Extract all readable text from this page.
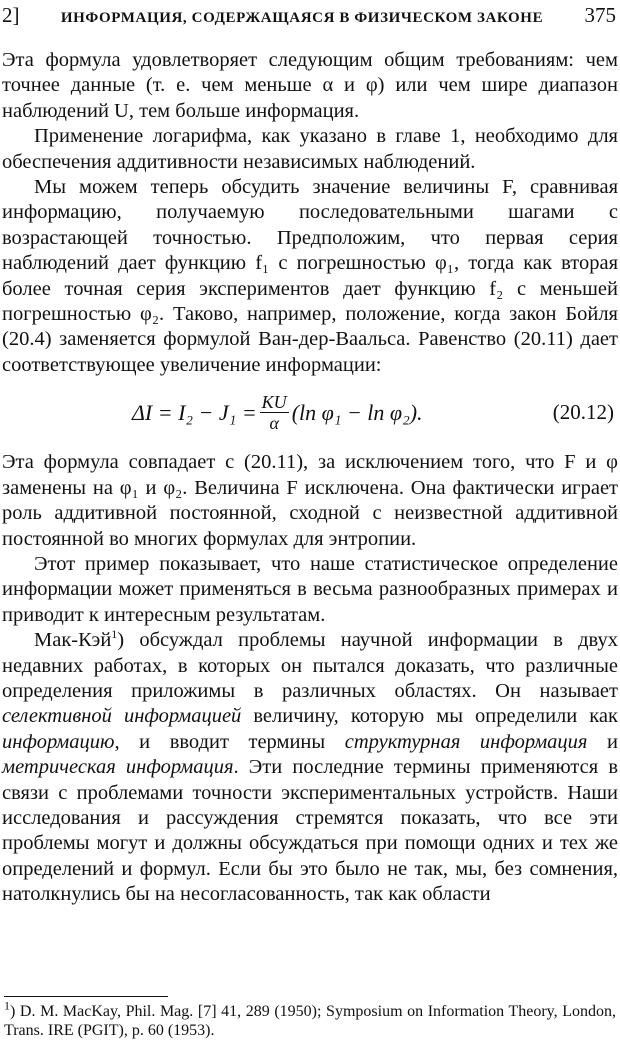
2]	ИНФОРМАЦИЯ, СОДЕРЖАЩАЯСЯ В ФИЗИЧЕСКОМ ЗАКОНЕ 375

Эта формула удовлетворяет следующим общим требованиям: чем точнее данные (т. е. чем меньше α и φ) или чем шире диапазон наблюдений U, тем больше информация.

Применение логарифма, как указано в главе 1, необходимо для обеспечения аддитивности независимых наблюдений.

Мы можем теперь обсудить значение величины F, сравнивая информацию, получаемую последовательными шагами с возрастающей точностью. Предположим, что первая серия наблюдений дает функцию f₁ с погрешностью φ₁, тогда как вторая более точная серия экспериментов дает функцию f₂ с меньшей погрешностью φ₂. Таково, например, положение, когда закон Бойля (20.4) заменяется формулой Ван-дер-Ваальса. Равенство (20.11) дает соответствующее увеличение информации:

$\Delta I = I_2 - J_1 = \frac{KU}{\alpha} (\ln$ φ₁ − ln φ₂).	(20.12)

Эта формула совпадает с (20.11), за исключением того, что F и φ заменены на φ₁ и φ₂. Величина F исключена. Она фактически играет роль аддитивной постоянной, сходной с неизвестной аддитивной постоянной во многих формулах для энтропии.

Этот пример показывает, что наше статистическое определение информации может применяться в весьма разнообразных примерах и приводит к интересным результатам.

Мак-Кэй$^1$) обсуждал проблемы научной информации в двух недавних работах, в которых он пытался доказать, что различные определения приложимы в различных областях. Он называет селективной информацией величину, которую мы определили как информацию, и вводит термины структурная информация и метрическая информация. Эти последние термины применяются в связи с проблемами точности экспериментальных устройств. Наши исследования и рассуждения стремятся показать, что все эти проблемы могут и должны обсуждаться при помощи одних и тех же определений и формул. Если бы это было не так, мы, без сомнения, натолкнулись бы на несогласованность, так как области

$^1$) D. M. MacKay, Phil. Mag. [7] 41, 289 (1950); Symposium on Information Theory, London, Trans. IRE (PGIT), p. 60 (1953).
